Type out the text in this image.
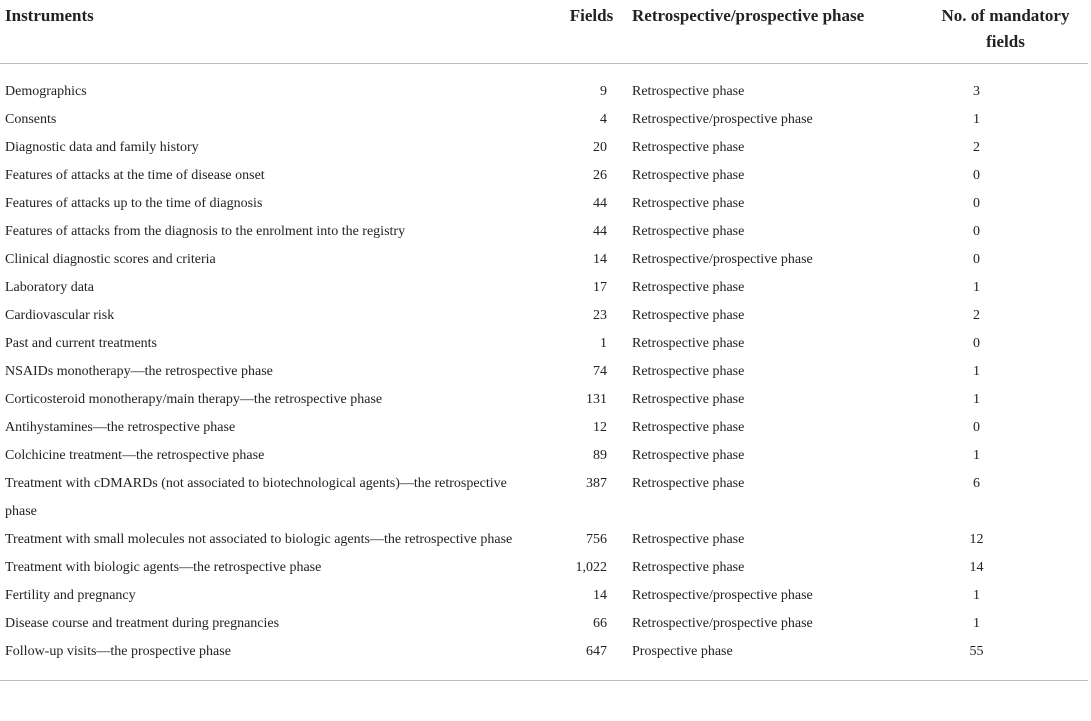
Instruments	Fields	Retrospective/prospective phase	No. of mandatory fields

Demographics	9	Retrospective phase	3

Consents	4	Retrospective/prospective phase	1

Diagnostic data and family history	20	Retrospective phase	2

Features of attacks at the time of disease onset	26	Retrospective phase	0

Features of attacks up to the time of diagnosis	44	Retrospective phase	0

Features of attacks from the diagnosis to the enrolment into the registry	44	Retrospective phase	0

Clinical diagnostic scores and criteria	14	Retrospective/prospective phase	0

Laboratory data	17	Retrospective phase	1

Cardiovascular risk	23	Retrospective phase	2

Past and current treatments	1	Retrospective phase	0

NSAIDs monotherapy—the retrospective phase	74	Retrospective phase	1

Corticosteroid monotherapy/main therapy—the retrospective phase	131	Retrospective phase	1

Antihystamines—the retrospective phase	12	Retrospective phase	0

Colchicine treatment—the retrospective phase	89	Retrospective phase	1

Treatment with cDMARDs (not associated to biotechnological agents)—the retrospective phase	387	Retrospective phase	6

Treatment with small molecules not associated to biologic agents—the retrospective phase	756	Retrospective phase	12

Treatment with biologic agents—the retrospective phase	1,022	Retrospective phase	14

Fertility and pregnancy	14	Retrospective/prospective phase	1

Disease course and treatment during pregnancies	66	Retrospective/prospective phase	1

Follow-up visits—the prospective phase	647	Prospective phase	55
